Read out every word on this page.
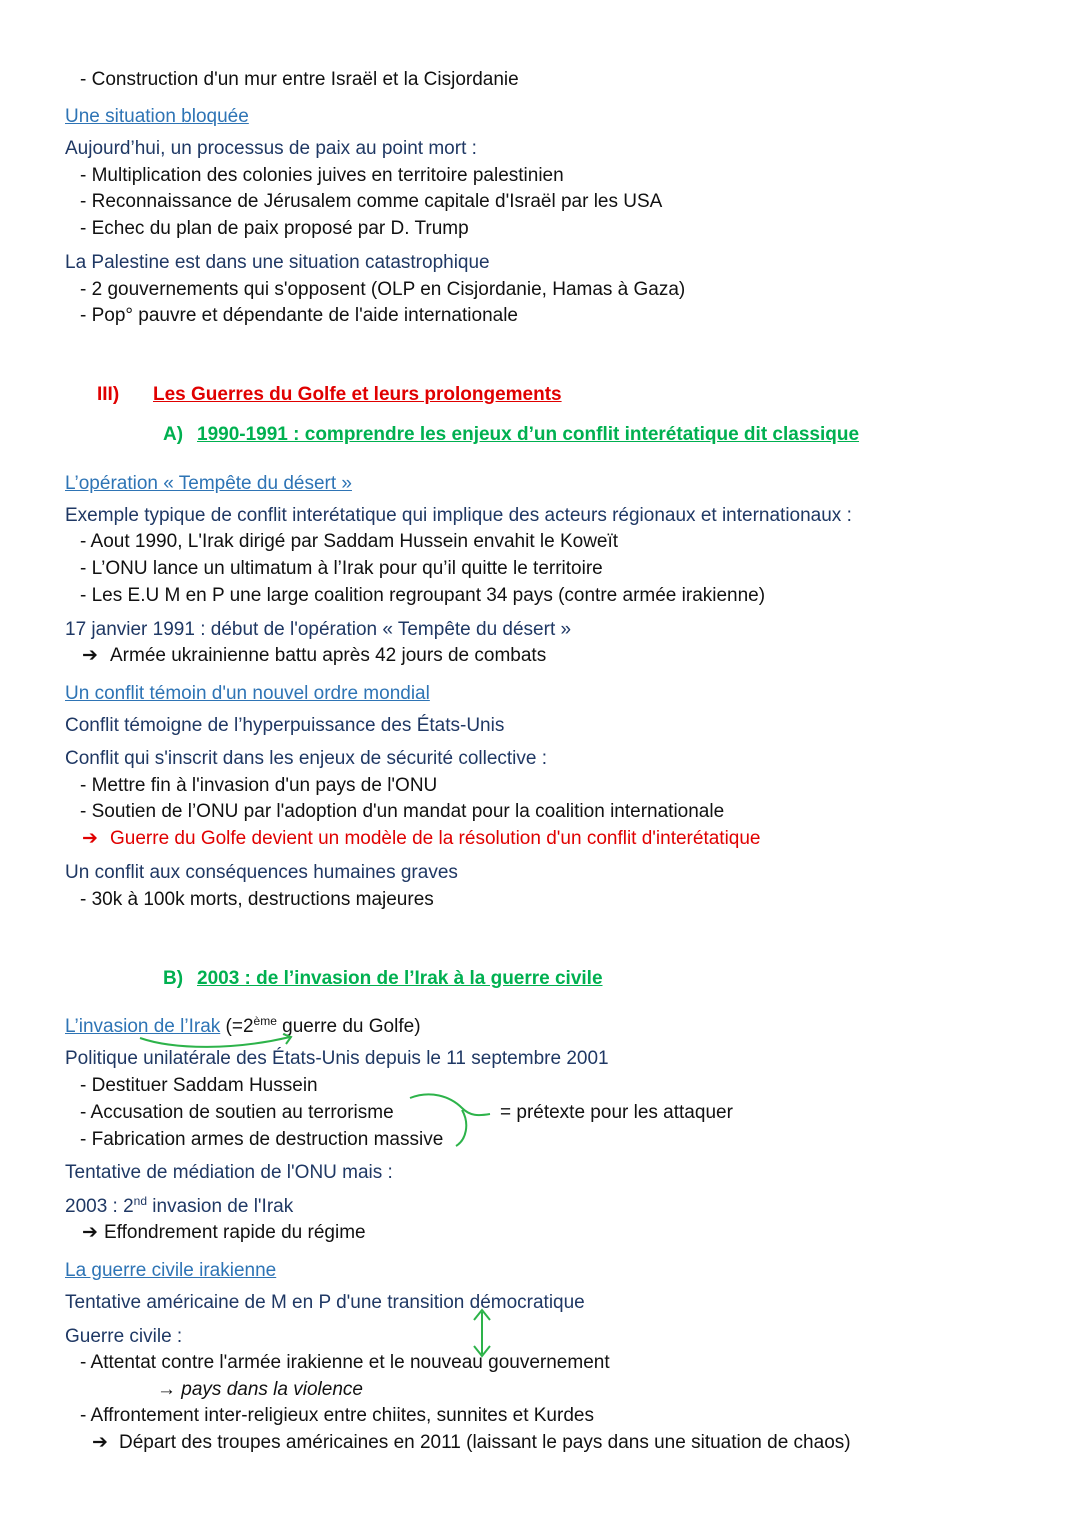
- Construction d'un mur entre Israël et la Cisjordanie
Une situation bloquée
Aujourd’hui, un processus de paix au point mort :
- Multiplication des colonies juives en territoire palestinien
- Reconnaissance de Jérusalem comme capitale d'Israël par les USA
- Echec du plan de paix proposé par D. Trump
La Palestine est dans une situation catastrophique
- 2 gouvernements qui s'opposent (OLP en Cisjordanie, Hamas à Gaza)
- Pop° pauvre et dépendante de l'aide internationale
III) Les Guerres du Golfe et leurs prolongements
A) 1990-1991 : comprendre les enjeux d’un conflit interétatique dit classique
L’opération « Tempête du désert »
Exemple typique de conflit interétatique qui implique des acteurs régionaux et internationaux :
- Aout 1990, L'Irak dirigé par Saddam Hussein envahit le Koweït
- L’ONU lance un ultimatum à l’Irak pour qu’il quitte le territoire
- Les E.U M en P une large coalition regroupant 34 pays (contre armée irakienne)
17 janvier 1991 : début de l'opération « Tempête du désert »
➔ Armée ukrainienne battu après 42 jours de combats
Un conflit témoin d'un nouvel ordre mondial
Conflit témoigne de l’hyperpuissance des États-Unis
Conflit qui s'inscrit dans les enjeux de sécurité collective :
- Mettre fin à l'invasion d'un pays de l'ONU
- Soutien de l’ONU par l'adoption d'un mandat pour la coalition internationale
➔ Guerre du Golfe devient un modèle de la résolution d'un conflit d'interétatique
Un conflit aux conséquences humaines graves
- 30k à 100k morts, destructions majeures
B) 2003 : de l’invasion de l’Irak à la guerre civile
L’invasion de l’Irak (=2ème guerre du Golfe)
Politique unilatérale des États-Unis depuis le 11 septembre 2001
- Destituer Saddam Hussein
- Accusation de soutien au terrorisme
- Fabrication armes de destruction massive
= prétexte pour les attaquer
Tentative de médiation de l'ONU mais :
2003 : 2nd invasion de l'Irak
➔ Effondrement rapide du régime
La guerre civile irakienne
Tentative américaine de M en P d'une transition démocratique
Guerre civile :
- Attentat contre l'armée irakienne et le nouveau gouvernement
→ pays dans la violence
- Affrontement inter-religieux entre chiites, sunnites et Kurdes
➔ Départ des troupes américaines en 2011 (laissant le pays dans une situation de chaos)
